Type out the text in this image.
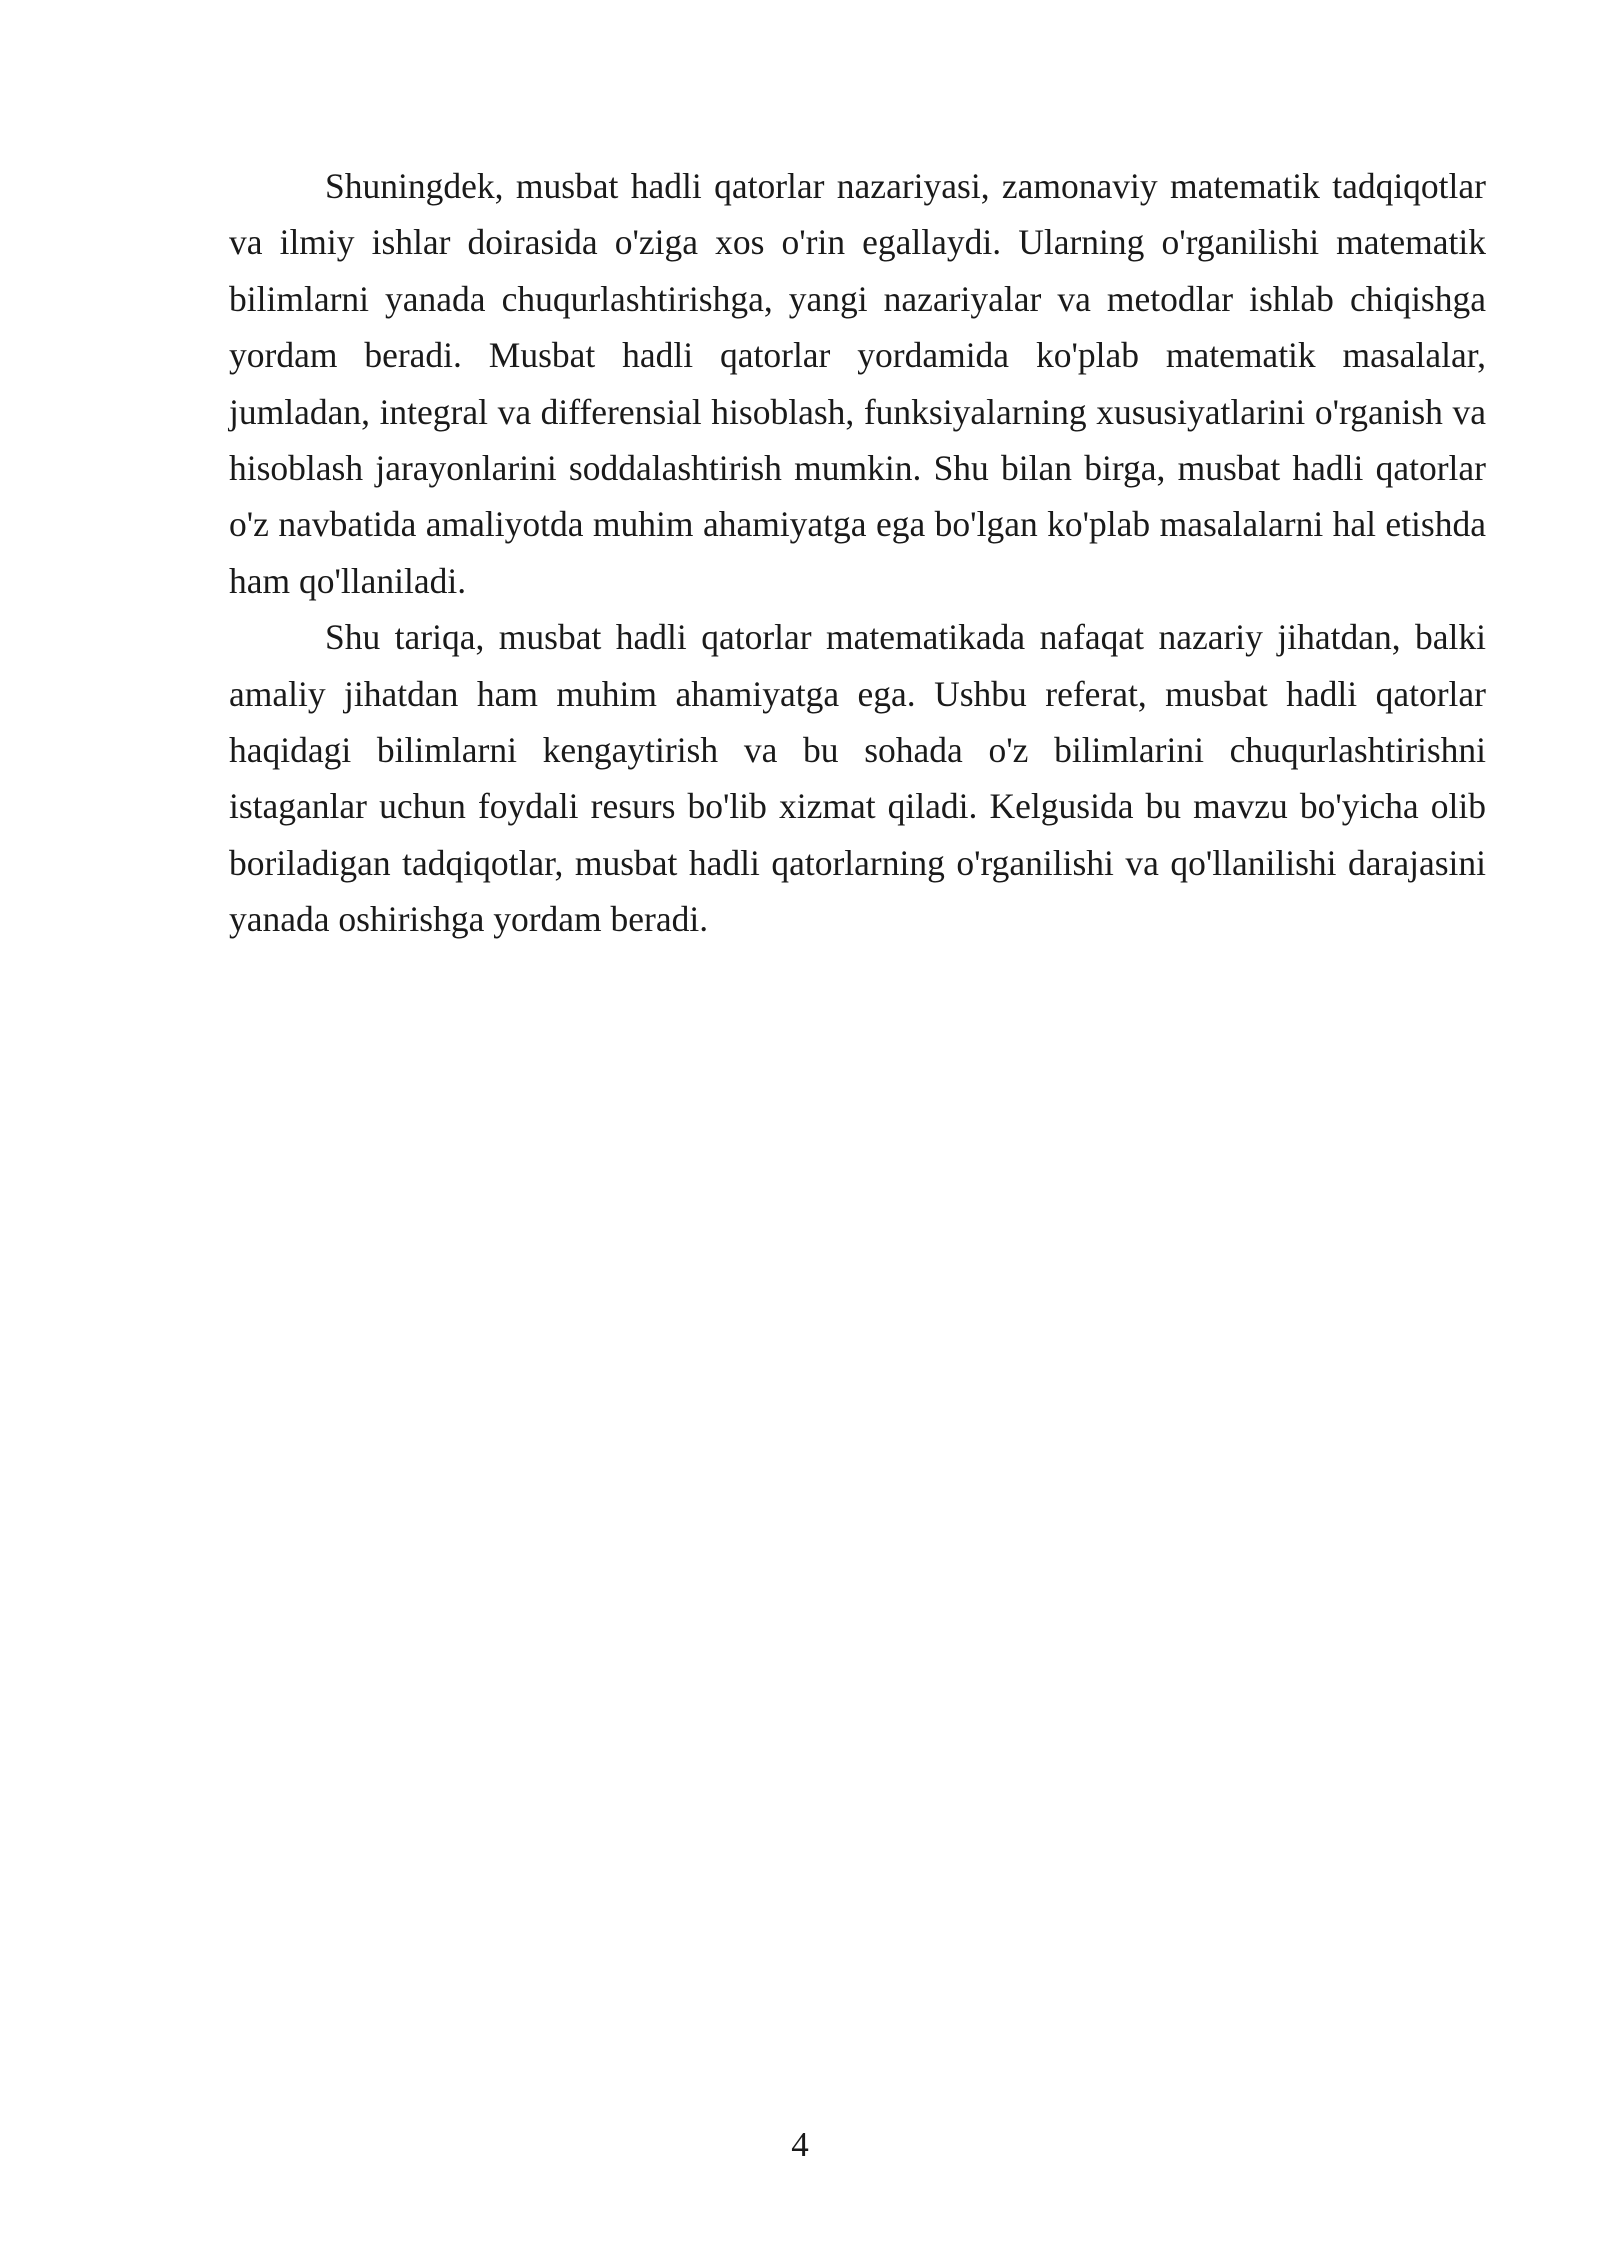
Shuningdek, musbat hadli qatorlar nazariyasi, zamonaviy matematik tadqiqotlar va ilmiy ishlar doirasida o'ziga xos o'rin egallaydi. Ularning o'rganilishi matematik bilimlarni yanada chuqurlashtirishga, yangi nazariyalar va metodlar ishlab chiqishga yordam beradi. Musbat hadli qatorlar yordamida ko'plab matematik masalalar, jumladan, integral va differensial hisoblash, funksiyalarning xususiyatlarini o'rganish va hisoblash jarayonlarini soddalashtirish mumkin. Shu bilan birga, musbat hadli qatorlar o'z navbatida amaliyotda muhim ahamiyatga ega bo'lgan ko'plab masalalarni hal etishda ham qo'llaniladi.

Shu tariqa, musbat hadli qatorlar matematikada nafaqat nazariy jihatdan, balki amaliy jihatdan ham muhim ahamiyatga ega. Ushbu referat, musbat hadli qatorlar haqidagi bilimlarni kengaytirish va bu sohada o'z bilimlarini chuqurlashtirishni istaganlar uchun foydali resurs bo'lib xizmat qiladi. Kelgusida bu mavzu bo'yicha olib boriladigan tadqiqotlar, musbat hadli qatorlarning o'rganilishi va qo'llanilishi darajasini yanada oshirishga yordam beradi.

4
